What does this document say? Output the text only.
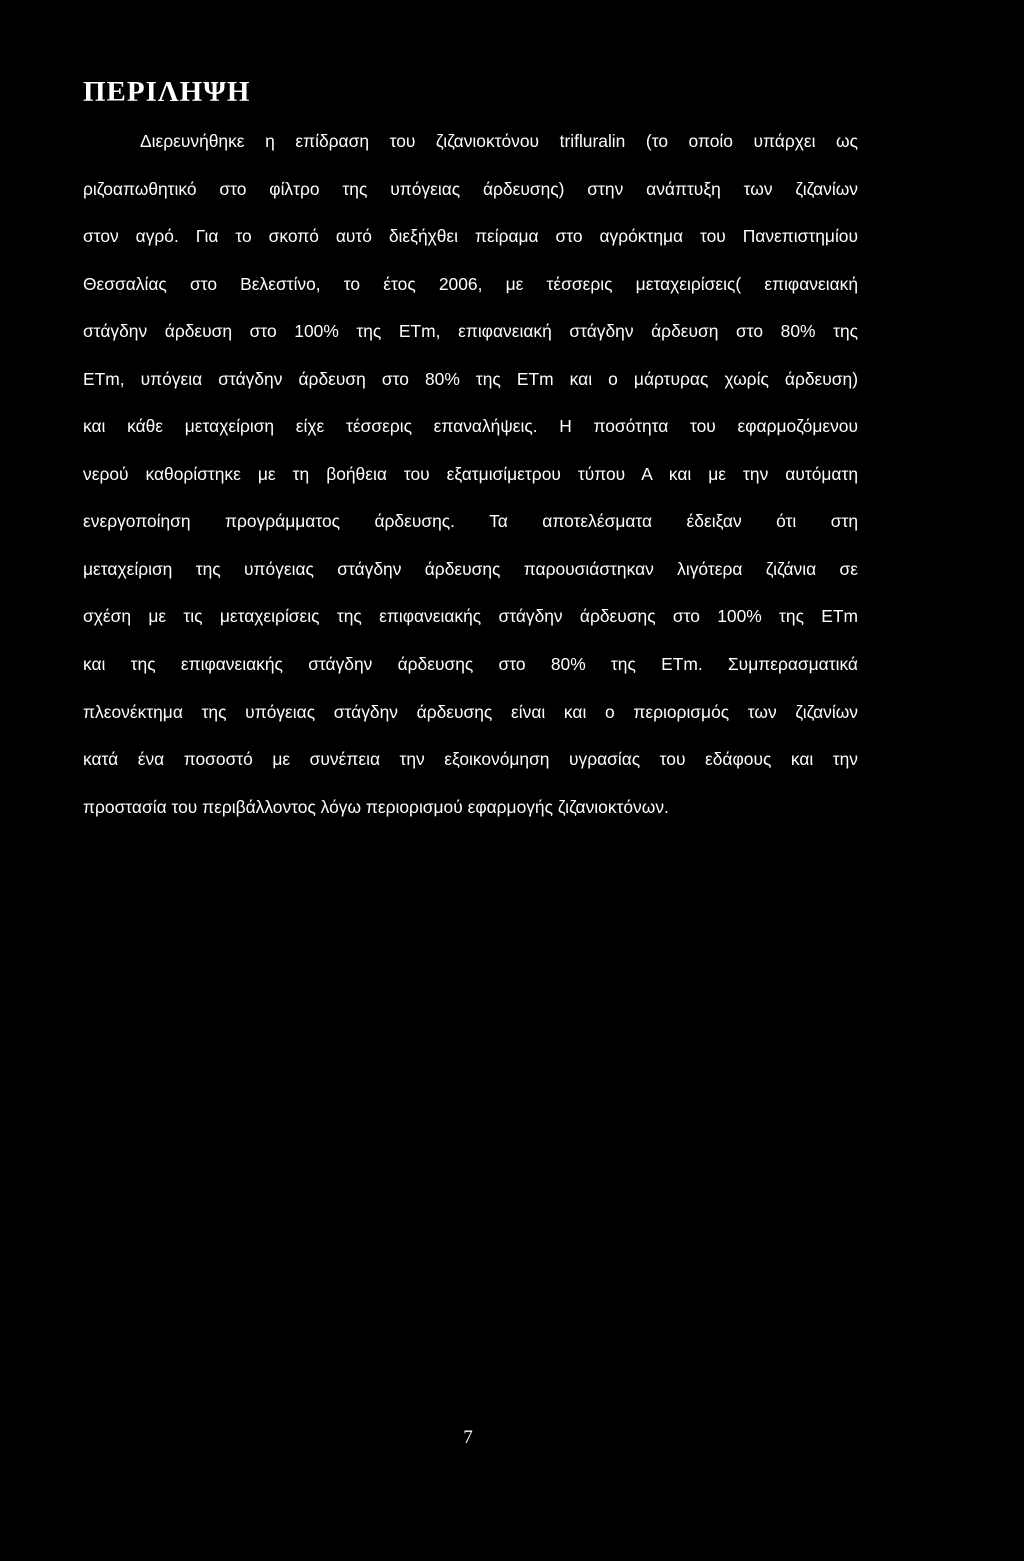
ΠΕΡΙΛΗΨΗ
Διερευνήθηκε η επίδραση του ζιζανιοκτόνου trifluralin (το οποίο υπάρχει ως
ριζοαπωθητικό στο φίλτρο της υπόγειας άρδευσης) στην ανάπτυξη των ζιζανίων
στον αγρό. Για το σκοπό αυτό διεξήχθει πείραμα στο αγρόκτημα του Πανεπιστημίου
Θεσσαλίας στο Βελεστίνο, το έτος 2006, με τέσσερις μεταχειρίσεις( επιφανειακή
στάγδην άρδευση στο 100% της ETm, επιφανειακή στάγδην άρδευση στο 80% της
ETm, υπόγεια στάγδην άρδευση στο 80% της ETm και ο μάρτυρας χωρίς άρδευση)
και κάθε μεταχείριση είχε τέσσερις επαναλήψεις. Η ποσότητα του εφαρμοζόμενου
νερού καθορίστηκε με τη βοήθεια του εξατμισίμετρου τύπου Α και με την αυτόματη
ενεργοποίηση προγράμματος άρδευσης. Τα αποτελέσματα έδειξαν ότι στη
μεταχείριση της υπόγειας στάγδην άρδευσης παρουσιάστηκαν λιγότερα ζιζάνια σε
σχέση με τις μεταχειρίσεις της επιφανειακής στάγδην άρδευσης στο 100% της ETm
και της επιφανειακής στάγδην άρδευσης στο 80% της ETm. Συμπερασματικά
πλεονέκτημα της υπόγειας στάγδην άρδευσης είναι και ο περιορισμός των ζιζανίων
κατά ένα ποσοστό με συνέπεια την εξοικονόμηση υγρασίας του εδάφους και την
προστασία του περιβάλλοντος λόγω περιορισμού εφαρμογής ζιζανιοκτόνων.
7
